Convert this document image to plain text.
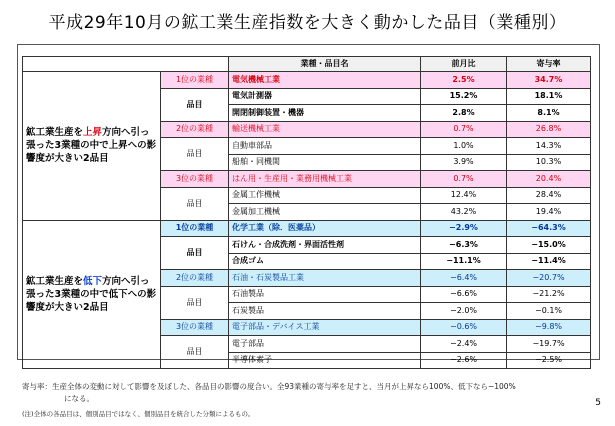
平成29年10月の鉱工業生産指数を大きく動かした品目（業種別）
		業種・品目名	前月比	寄与率
鉱工業生産を上昇方向へ引っ張った3業種の中で上昇への影響度が大きい2品目	1位の業種	電気機械工業	2.5%	34.7%
	品目	電気計測器	15.2%	18.1%
		開閉制御装置・機器	2.8%	8.1%
	2位の業種	輸送機械工業	0.7%	26.8%
	品目	自動車部品	1.0%	14.3%
		船舶・同機関	3.9%	10.3%
	3位の業種	はん用・生産用・業務用機械工業	0.7%	20.4%
	品目	金属工作機械	12.4%	28.4%
		金属加工機械	43.2%	19.4%
鉱工業生産を低下方向へ引っ張った3業種の中で低下への影響度が大きい2品目	1位の業種	化学工業（除．医薬品）	−2.9%	−64.3%
	品目	石けん・合成洗剤・界面活性剤	−6.3%	−15.0%
		合成ゴム	−11.1%	−11.4%
	2位の業種	石油・石炭製品工業	−6.4%	−20.7%
	品目	石油製品	−6.6%	−21.2%
		石炭製品	−2.0%	−0.1%
	3位の業種	電子部品・デバイス工業	−0.6%	−9.8%
	品目	電子部品	−2.4%	−19.7%
		半導体素子	−2.6%	−2.5%
寄与率：生産全体の変動に対して影響を及ぼした、各品目の影響の度合い。全93業種の寄与率を足すと、当月が上昇なら100%、低下なら−100%
になる。
(注)全体の各品目は、個別品目ではなく、個別品目を統合した分類によるもの。
5
